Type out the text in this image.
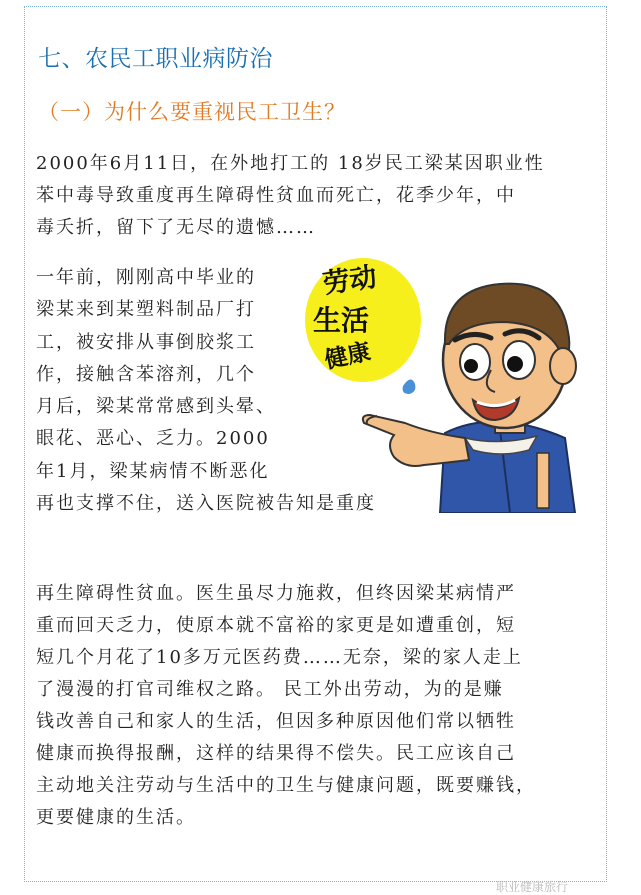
七、农民工职业病防治
（一）为什么要重视民工卫生？

2000年6月11日，在外地打工的 18岁民工梁某因职业性
苯中毒导致重度再生障碍性贫血而死亡，花季少年，中
毒夭折，留下了无尽的遗憾……

一年前，刚刚高中毕业的
梁某来到某塑料制品厂打
工，被安排从事倒胶浆工
作，接触含苯溶剂，几个
月后，梁某常常感到头晕、
眼花、恶心、乏力。2000
年1月，梁某病情不断恶化
再也支撑不住，送入医院被告知是重度

劳动
生活
健康

再生障碍性贫血。医生虽尽力施救，但终因梁某病情严
重而回天乏力，使原本就不富裕的家更是如遭重创，短
短几个月花了10多万元医药费……无奈，梁的家人走上
了漫漫的打官司维权之路。 民工外出劳动，为的是赚
钱改善自己和家人的生活，但因多种原因他们常以牺牲
健康而换得报酬，这样的结果得不偿失。民工应该自己
主动地关注劳动与生活中的卫生与健康问题，既要赚钱，
更要健康的生活。

职业健康旅行
